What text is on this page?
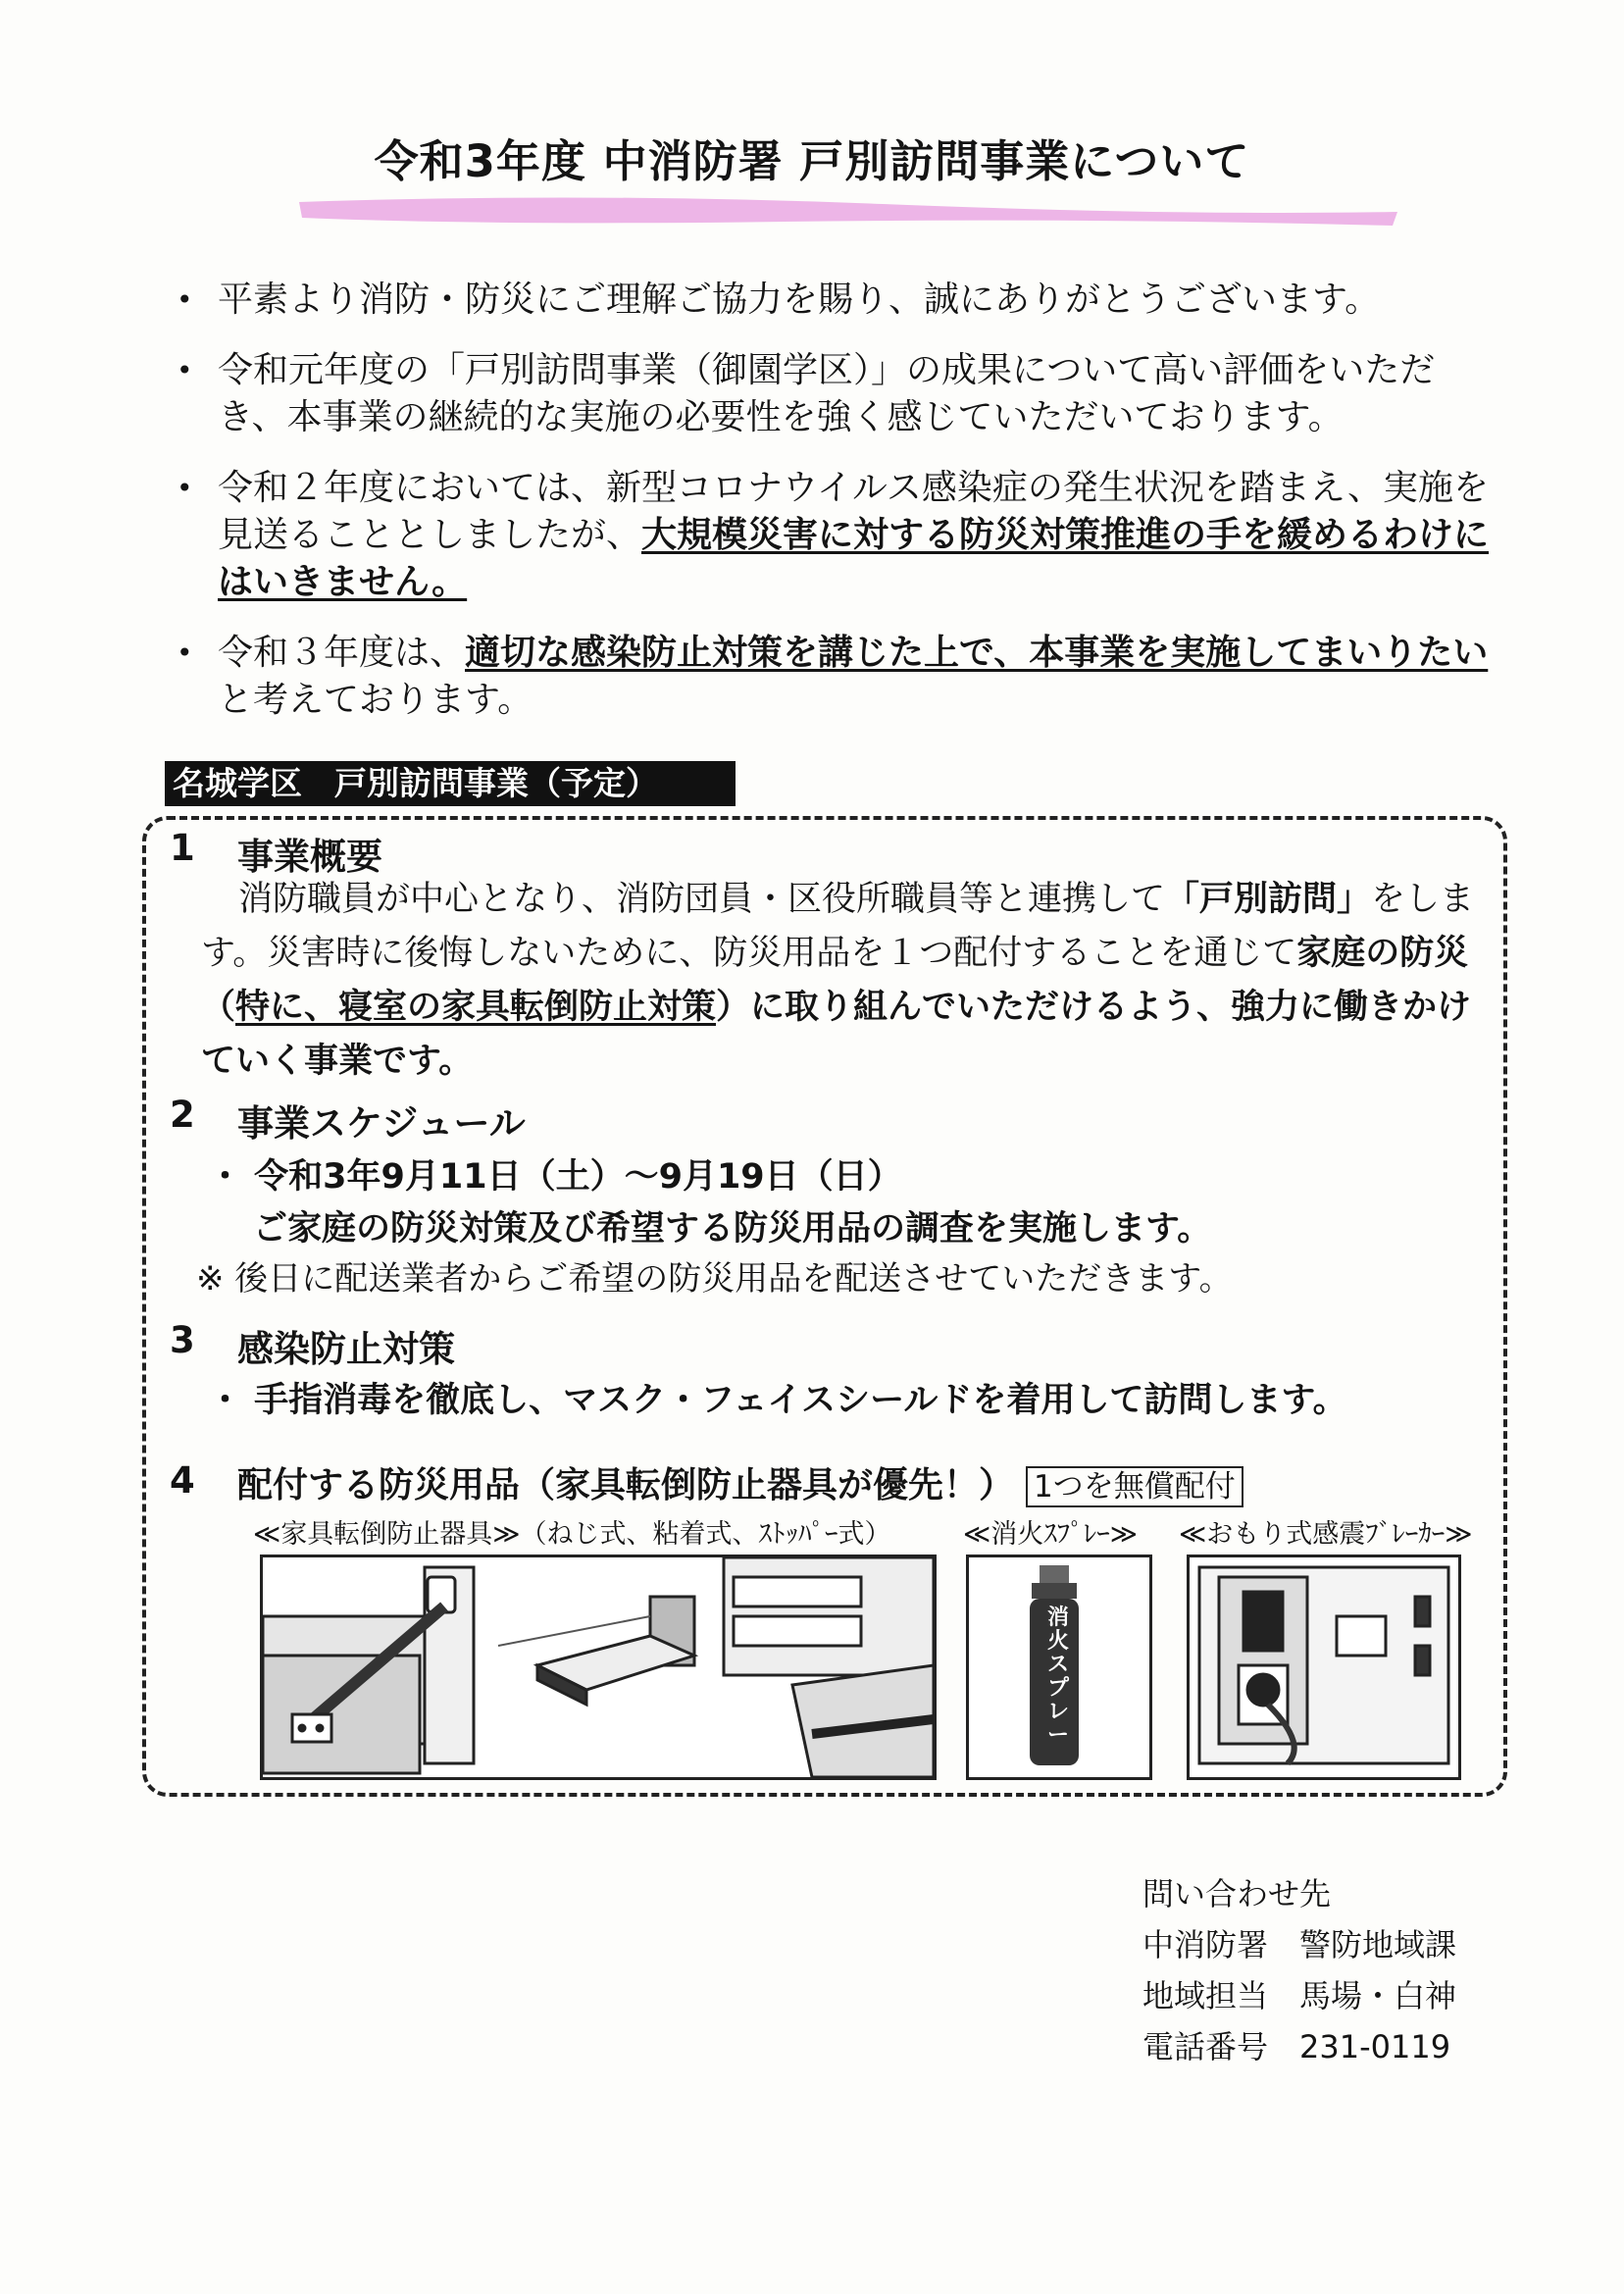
令和3年度 中消防署 戸別訪問事業について
• 平素より消防・防災にご理解ご協力を賜り、誠にありがとうございます。
• 令和元年度の「戸別訪問事業（御園学区）」の成果について高い評価をいただき、本事業の継続的な実施の必要性を強く感じていただいております。
• 令和２年度においては、新型コロナウイルス感染症の発生状況を踏まえ、実施を見送ることとしましたが、大規模災害に対する防災対策推進の手を緩めるわけにはいきません。
• 令和３年度は、適切な感染防止対策を講じた上で、本事業を実施してまいりたいと考えております。
名城学区　戸別訪問事業（予定）
1 事業概要
消防職員が中心となり、消防団員・区役所職員等と連携して「戸別訪問」をします。災害時に後悔しないために、防災用品を１つ配付することを通じて家庭の防災（特に、寝室の家具転倒防止対策）に取り組んでいただけるよう、強力に働きかけていく事業です。
2 事業スケジュール
・ 令和3年9月11日（土）～9月19日（日）
ご家庭の防災対策及び希望する防災用品の調査を実施します。
※ 後日に配送業者からご希望の防災用品を配送させていただきます。
3 感染防止対策
・ 手指消毒を徹底し、マスク・フェイスシールドを着用して訪問します。
4 配付する防災用品（家具転倒防止器具が優先！） 1つを無償配付
≪家具転倒防止器具≫（ねじ式、粘着式、ｽﾄｯﾊﾟｰ式）	≪消火ｽﾌﾟﾚｰ≫ ≪おもり式感震ﾌﾞﾚｰｶｰ≫
消火スプレー
問い合わせ先
中消防署　警防地域課
地域担当　馬場・白神
電話番号　231-0119
